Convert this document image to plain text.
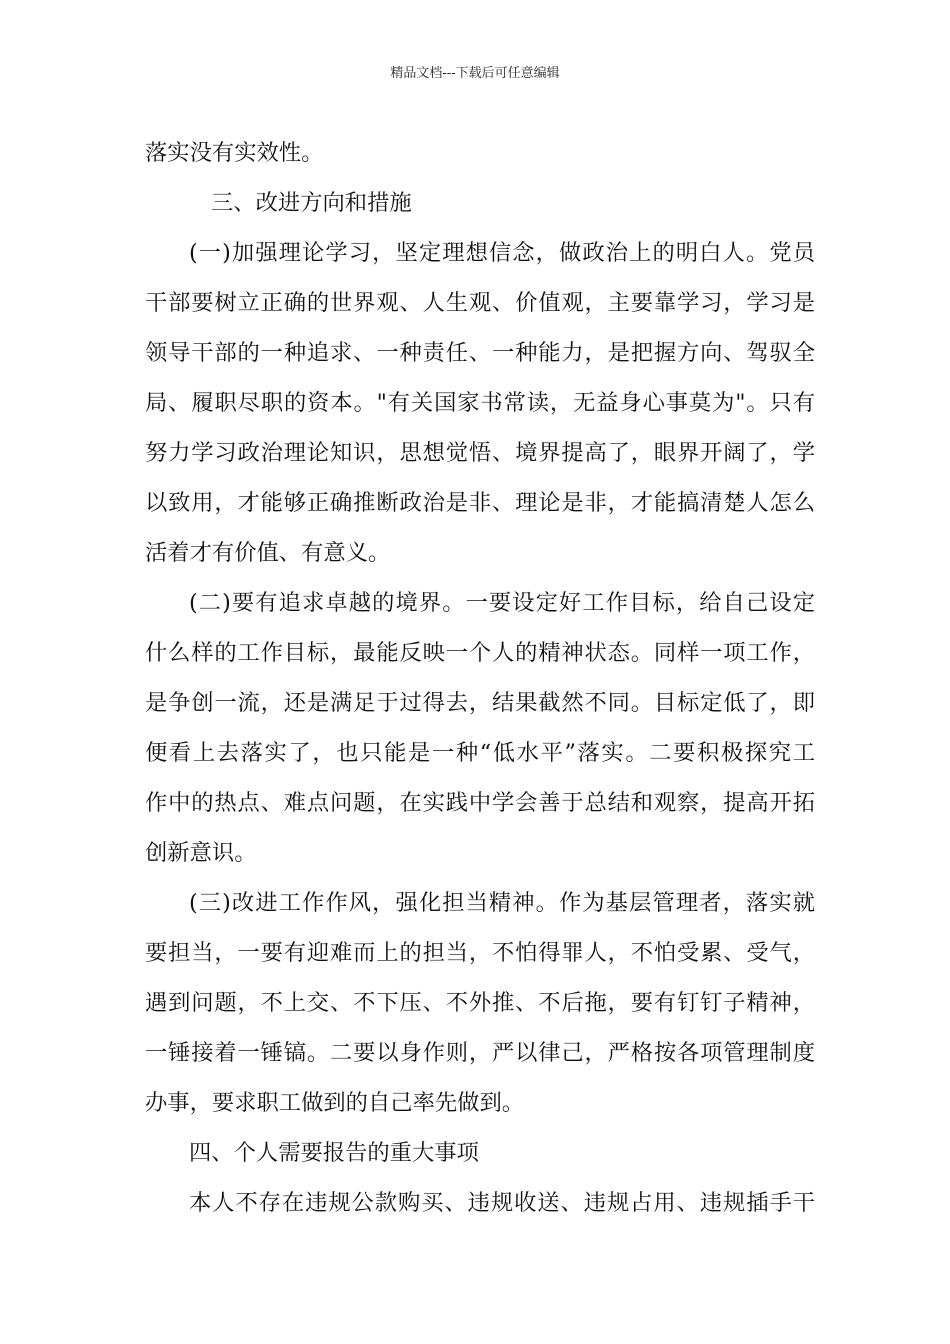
精品文档---下载后可任意编辑
落实没有实效性。
三、改进方向和措施
(一)加强理论学习，坚定理想信念，做政治上的明白人。党员
干部要树立正确的世界观、人生观、价值观，主要靠学习，学习是
领导干部的一种追求、一种责任、一种能力，是把握方向、驾驭全
局、履职尽职的资本。"有关国家书常读，无益身心事莫为"。只有
努力学习政治理论知识，思想觉悟、境界提高了，眼界开阔了，学
以致用，才能够正确推断政治是非、理论是非，才能搞清楚人怎么
活着才有价值、有意义。
(二)要有追求卓越的境界。一要设定好工作目标，给自己设定
什么样的工作目标，最能反映一个人的精神状态。同样一项工作，
是争创一流，还是满足于过得去，结果截然不同。目标定低了，即
便看上去落实了，也只能是一种“低水平”落实。二要积极探究工
作中的热点、难点问题，在实践中学会善于总结和观察，提高开拓
创新意识。
(三)改进工作作风，强化担当精神。作为基层管理者，落实就
要担当，一要有迎难而上的担当，不怕得罪人，不怕受累、受气，
遇到问题，不上交、不下压、不外推、不后拖，要有钉钉子精神，
一锤接着一锤镐。二要以身作则，严以律己，严格按各项管理制度
办事，要求职工做到的自己率先做到。
四、个人需要报告的重大事项
本人不存在违规公款购买、违规收送、违规占用、违规插手干
